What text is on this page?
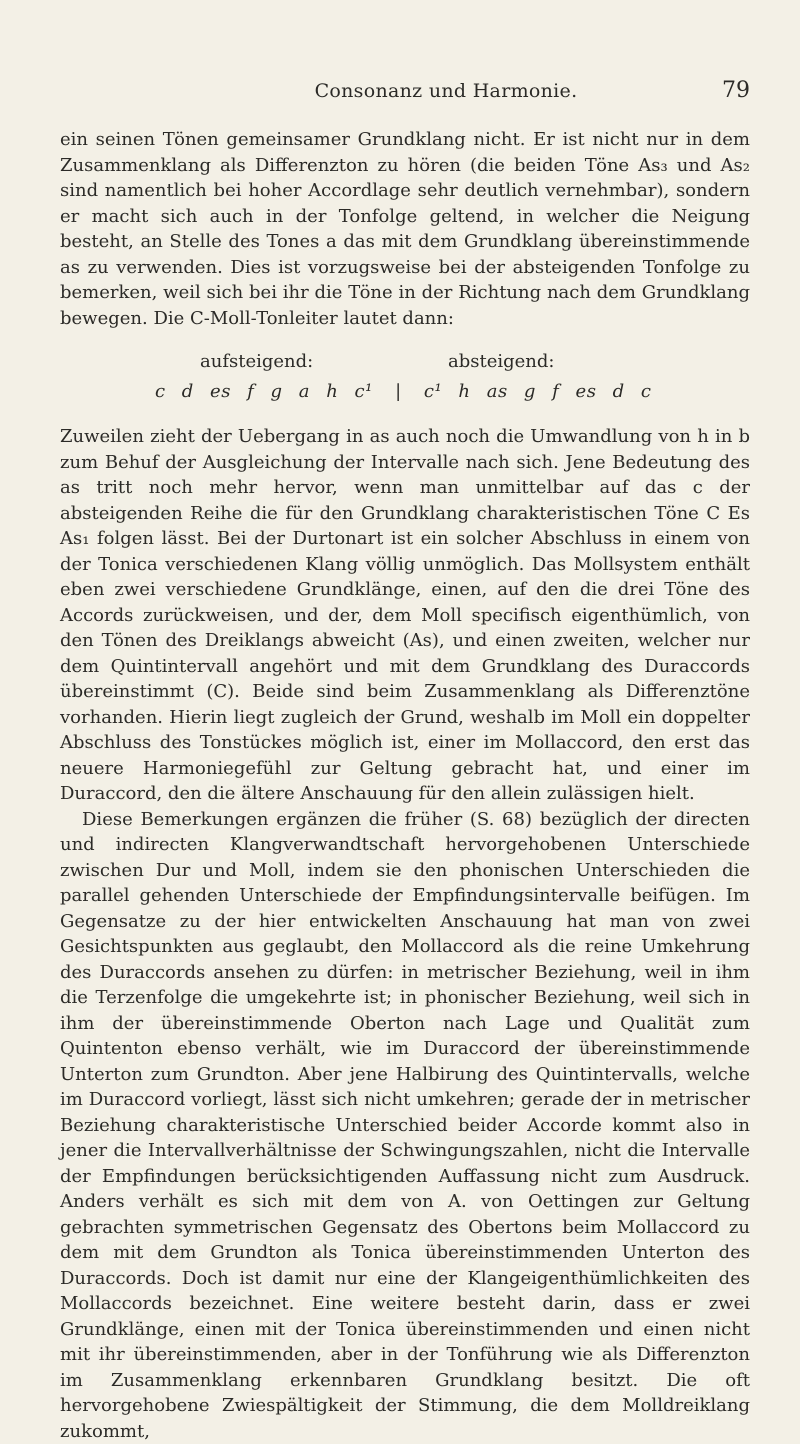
Consonanz und Harmonie.	79

ein seinen Tönen gemeinsamer Grundklang nicht. Er ist nicht nur in dem Zusammenklang als Differenzton zu hören (die beiden Töne As₃ und As₂ sind namentlich bei hoher Accordlage sehr deutlich vernehmbar), sondern er macht sich auch in der Tonfolge geltend, in welcher die Neigung besteht, an Stelle des Tones a das mit dem Grundklang übereinstimmende as zu verwenden. Dies ist vorzugsweise bei der absteigenden Tonfolge zu bemerken, weil sich bei ihr die Töne in der Richtung nach dem Grundklang bewegen. Die C-Moll-Tonleiter lautet dann:

aufsteigend:	absteigend:
c d es f g a h c¹ | c¹ h as g f es d c

Zuweilen zieht der Uebergang in as auch noch die Umwandlung von h in b zum Behuf der Ausgleichung der Intervalle nach sich. Jene Bedeutung des as tritt noch mehr hervor, wenn man unmittelbar auf das c der absteigenden Reihe die für den Grundklang charakteristischen Töne C Es As₁ folgen lässt. Bei der Durtonart ist ein solcher Abschluss in einem von der Tonica verschiedenen Klang völlig unmöglich. Das Mollsystem enthält eben zwei verschiedene Grundklänge, einen, auf den die drei Töne des Accords zurückweisen, und der, dem Moll specifisch eigenthümlich, von den Tönen des Dreiklangs abweicht (As), und einen zweiten, welcher nur dem Quintintervall angehört und mit dem Grundklang des Duraccords übereinstimmt (C). Beide sind beim Zusammenklang als Differenztöne vorhanden. Hierin liegt zugleich der Grund, weshalb im Moll ein doppelter Abschluss des Tonstückes möglich ist, einer im Mollaccord, den erst das neuere Harmoniegefühl zur Geltung gebracht hat, und einer im Duraccord, den die ältere Anschauung für den allein zulässigen hielt.

Diese Bemerkungen ergänzen die früher (S. 68) bezüglich der directen und indirecten Klangverwandtschaft hervorgehobenen Unterschiede zwischen Dur und Moll, indem sie den phonischen Unterschieden die parallel gehenden Unterschiede der Empfindungsintervalle beifügen. Im Gegensatze zu der hier entwickelten Anschauung hat man von zwei Gesichtspunkten aus geglaubt, den Mollaccord als die reine Umkehrung des Duraccords ansehen zu dürfen: in metrischer Beziehung, weil in ihm die Terzenfolge die umgekehrte ist; in phonischer Beziehung, weil sich in ihm der übereinstimmende Oberton nach Lage und Qualität zum Quintenton ebenso verhält, wie im Duraccord der übereinstimmende Unterton zum Grundton. Aber jene Halbirung des Quintintervalls, welche im Duraccord vorliegt, lässt sich nicht umkehren; gerade der in metrischer Beziehung charakteristische Unterschied beider Accorde kommt also in jener die Intervallverhältnisse der Schwingungszahlen, nicht die Intervalle der Empfindungen berücksichtigenden Auffassung nicht zum Ausdruck. Anders verhält es sich mit dem von A. von Oettingen zur Geltung gebrachten symmetrischen Gegensatz des Obertons beim Mollaccord zu dem mit dem Grundton als Tonica übereinstimmenden Unterton des Duraccords. Doch ist damit nur eine der Klangeigenthümlichkeiten des Mollaccords bezeichnet. Eine weitere besteht darin, dass er zwei Grundklänge, einen mit der Tonica übereinstimmenden und einen nicht mit ihr übereinstimmenden, aber in der Tonführung wie als Differenzton im Zusammenklang erkennbaren Grundklang besitzt. Die oft hervorgehobene Zwiespältigkeit der Stimmung, die dem Molldreiklang zukommt,
